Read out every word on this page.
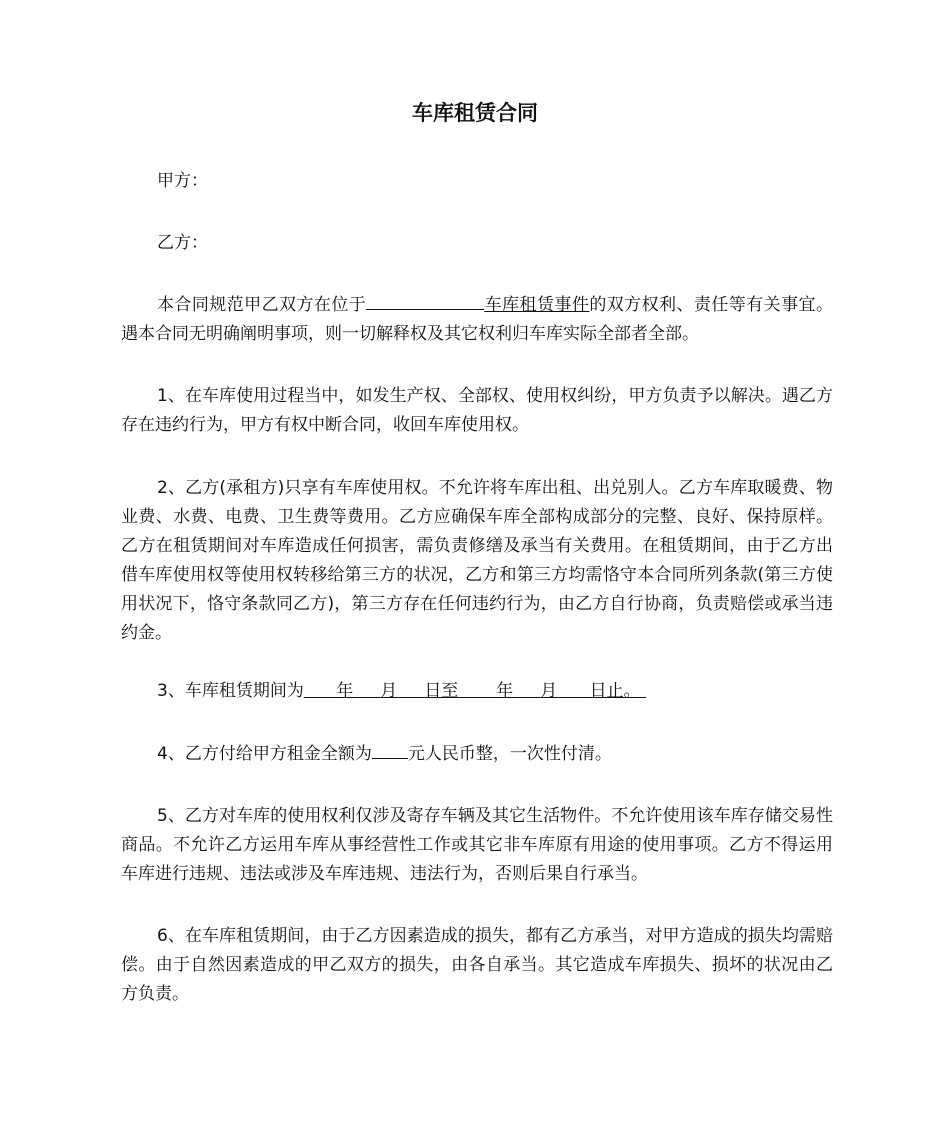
车库租赁合同

甲方：

乙方：

本合同规范甲乙双方在位于	车库租赁事件的双方权利、责任等有关事宜。遇本合同无明确阐明事项，则一切解释权及其它权利归车库实际全部者全部。

1、在车库使用过程当中，如发生产权、全部权、使用权纠纷，甲方负责予以解决。遇乙方存在违约行为，甲方有权中断合同，收回车库使用权。

2、乙方(承租方)只享有车库使用权。不允许将车库出租、出兑别人。乙方车库取暖费、物业费、水费、电费、卫生费等费用。乙方应确保车库全部构成部分的完整、良好、保持原样。乙方在租赁期间对车库造成任何损害，需负责修缮及承当有关费用。在租赁期间，由于乙方出借车库使用权等使用权转移给第三方的状况，乙方和第三方均需恪守本合同所列条款(第三方使用状况下，恪守条款同乙方)，第三方存在任何违约行为，由乙方自行协商，负责赔偿或承当违约金。

3、车库租赁期间为 年 月 日至 年 月 日止。

4、乙方付给甲方租金全额为 元人民币整，一次性付清。

5、乙方对车库的使用权利仅涉及寄存车辆及其它生活物件。不允许使用该车库存储交易性商品。不允许乙方运用车库从事经营性工作或其它非车库原有用途的使用事项。乙方不得运用车库进行违规、违法或涉及车库违规、违法行为，否则后果自行承当。

6、在车库租赁期间，由于乙方因素造成的损失，都有乙方承当，对甲方造成的损失均需赔偿。由于自然因素造成的甲乙双方的损失，由各自承当。其它造成车库损失、损坏的状况由乙方负责。
